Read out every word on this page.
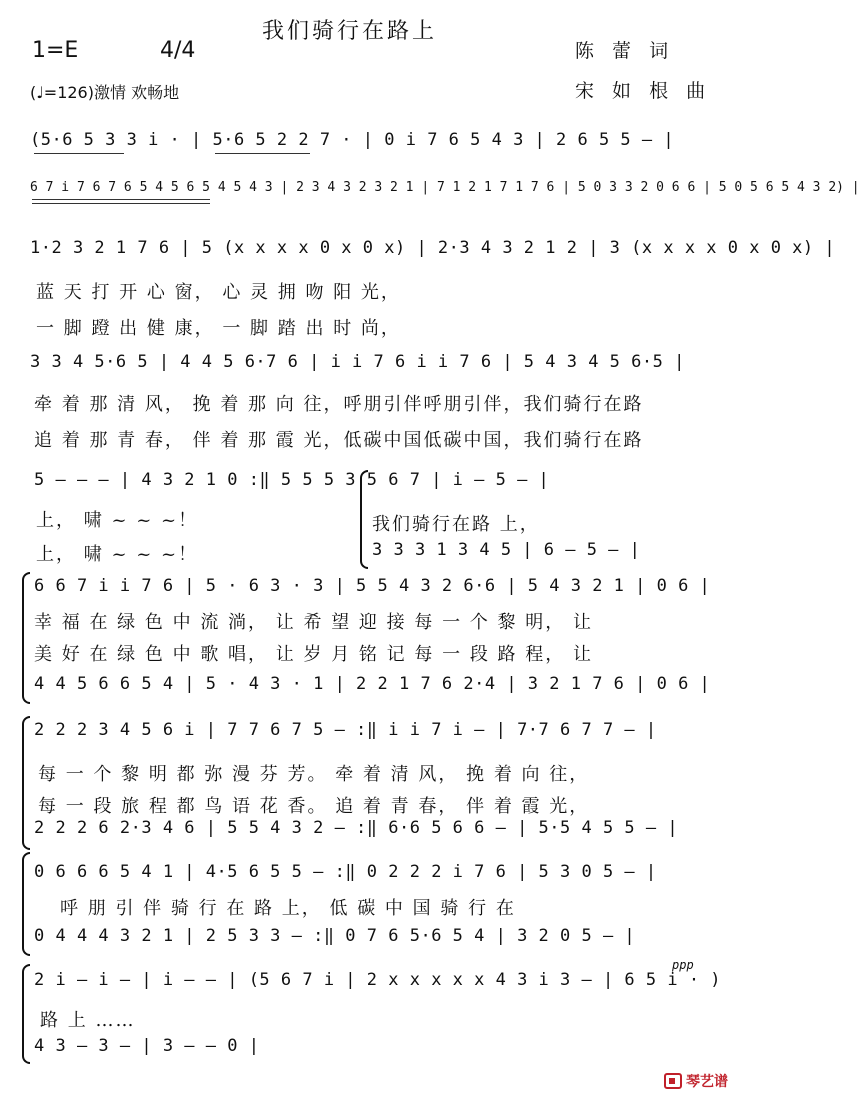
我们骑行在路上
陈 蕾 词
宋 如 根 曲
1=E	4/4
(♩=126)激情 欢畅地
(5·6 5 3 3 i · | 5·6 5 2 2 7 · | 0 i 7 6 5 4 3 | 2 6 5 5 — |
6 7 i 7 6 7 6 5 4 5 6 5 4 5 4 3 | 2 3 4 3 2 3 2 1 | 7 1 2 1 7 1 7 6 | 5 0 3 3 2 0 6 6 | 5 0 5 6 5 4 3 2) |
1·2 3 2 1 7 6 | 5 (x x x x 0 x 0 x) | 2·3 4 3 2 1 2 | 3 (x x x x 0 x 0 x) |
蓝 天 打 开 心 窗， 心 灵 拥 吻 阳 光，
一 脚 蹬 出 健 康， 一 脚 踏 出 时 尚，
3 3 4 5·6 5 | 4 4 5 6·7 6 | i i 7 6 i i 7 6 | 5 4 3 4 5 6·5 |
牵 着 那 清 风， 挽 着 那 向 往，呼朋引伴呼朋引伴，我们骑行在路
追 着 那 青 春， 伴 着 那 霞 光，低碳中国低碳中国，我们骑行在路
5 — — — | 4 3 2 1 0 :‖ 5 5 5 3 5 6 7 | i — 5 — |
上， 啸 ~ ~ ~！
上， 啸 ~ ~ ~！
我们骑行在路 上，
3 3 3 1 3 4 5 | 6 — 5 — |
6 6 7 i i 7 6 | 5 · 6 3 · 3 | 5 5 4 3 2 6·6 | 5 4 3 2 1 | 0 6 |
幸 福 在 绿 色 中 流 淌， 让 希 望 迎 接 每 一 个 黎 明， 让
美 好 在 绿 色 中 歌 唱， 让 岁 月 铭 记 每 一 段 路 程， 让
4 4 5 6 6 5 4 | 5 · 4 3 · 1 | 2 2 1 7 6 2·4 | 3 2 1 7 6 | 0 6 |
2 2 2 3 4 5 6 i | 7 7 6 7 5 — :‖ i i 7 i — | 7·7 6 7 7 — |
每 一 个 黎 明 都 弥 漫 芬 芳。 牵 着 清 风， 挽 着 向 往，
每 一 段 旅 程 都 鸟 语 花 香。 追 着 青 春， 伴 着 霞 光，
2 2 2 6 2·3 4 6 | 5 5 4 3 2 — :‖ 6·6 5 6 6 — | 5·5 4 5 5 — |
0 6 6 6 5 4 1 | 4·5 6 5 5 — :‖ 0 2 2 2 i 7 6 | 5 3 0 5 — |
呼 朋 引 伴 骑 行 在 路 上， 低 碳 中 国 骑 行 在
0 4 4 4 3 2 1 | 2 5 3 3 — :‖ 0 7 6 5·6 5 4 | 3 2 0 5 — |
2 i — i — | i — — | (5 6 7 i | 2 x x x x x 4 3 i 3 — | 6 5 i · )
路 上 ……
4 3 — 3 — | 3 — — 0 |
ppp
琴艺谱
